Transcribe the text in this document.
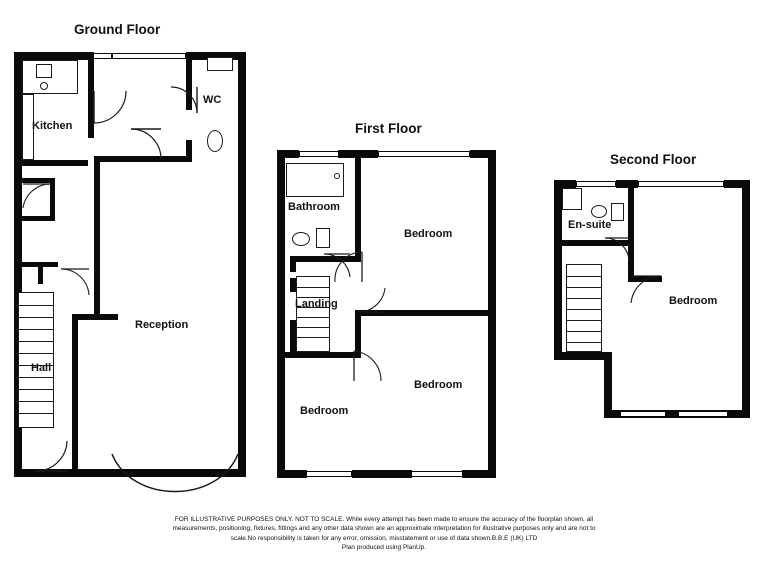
Ground Floor
First Floor
Second Floor
Kitchen
WC
Hall
Reception
Bathroom
Bedroom
Landing
Bedroom
Bedroom
En-suite
Bedroom
FOR ILLUSTRATIVE PURPOSES ONLY. NOT TO SCALE. While every attempt has been made to ensure the accuracy of the floorplan shown, all
measurements, positioning, fixtures, fittings and any other data shown are an approximate interpretation for illustrative purposes only and are not to
scale.No responsibility is taken for any error, omission, misstatement or use of data shown.B.B.E (UK) LTD
Plan produced using PlanUp.
